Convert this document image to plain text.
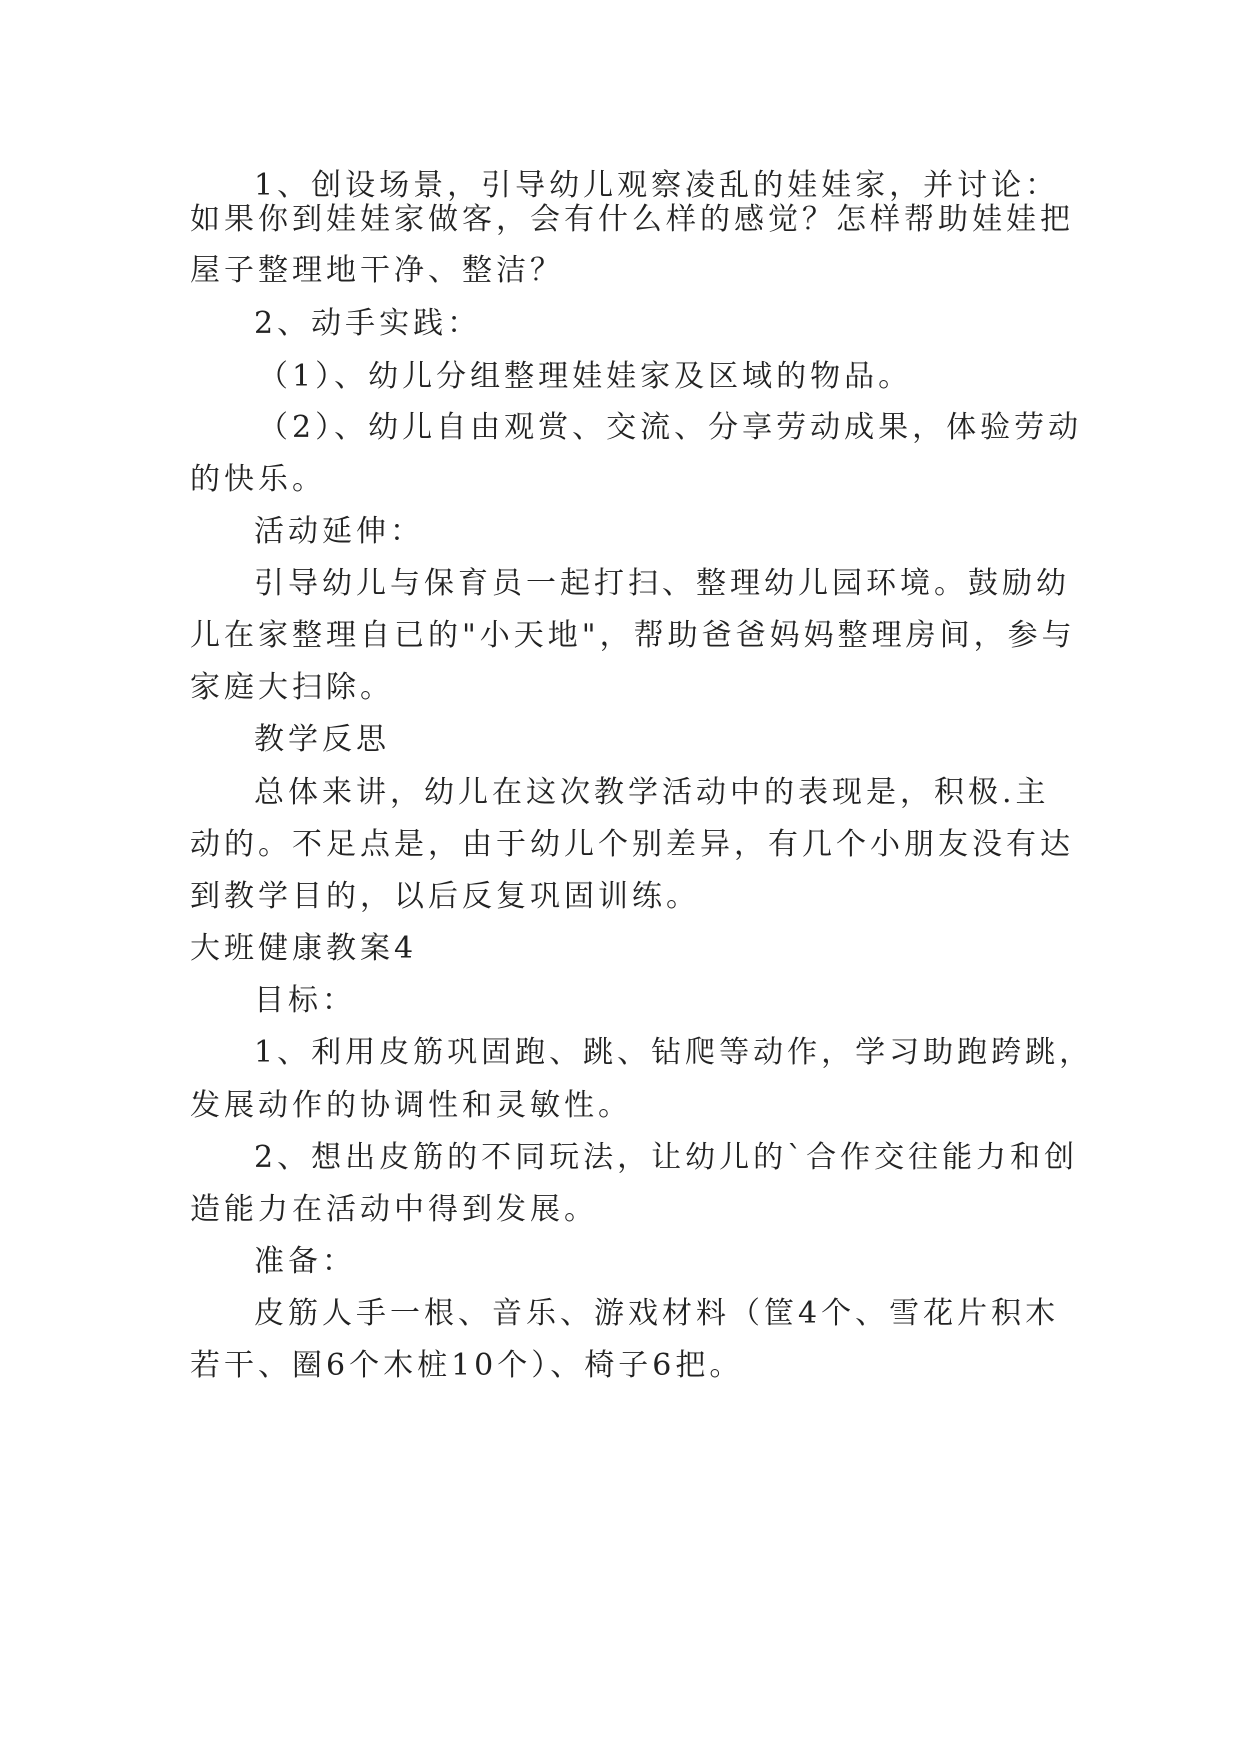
1、创设场景，引导幼儿观察凌乱的娃娃家，并讨论：
如果你到娃娃家做客，会有什么样的感觉？怎样帮助娃娃把
屋子整理地干净、整洁？
2、动手实践：
（1）、幼儿分组整理娃娃家及区域的物品。
（2）、幼儿自由观赏、交流、分享劳动成果，体验劳动
的快乐。
活动延伸：
引导幼儿与保育员一起打扫、整理幼儿园环境。鼓励幼
儿在家整理自已的"小天地"，帮助爸爸妈妈整理房间，参与
家庭大扫除。
教学反思
总体来讲，幼儿在这次教学活动中的表现是，积极.主
动的。不足点是，由于幼儿个别差异，有几个小朋友没有达
到教学目的，以后反复巩固训练。
大班健康教案4
目标：
1、利用皮筋巩固跑、跳、钻爬等动作，学习助跑跨跳，
发展动作的协调性和灵敏性。
2、想出皮筋的不同玩法，让幼儿的`合作交往能力和创
造能力在活动中得到发展。
准备：
皮筋人手一根、音乐、游戏材料（筐4个、雪花片积木
若干、圈6个木桩10个）、椅子6把。
